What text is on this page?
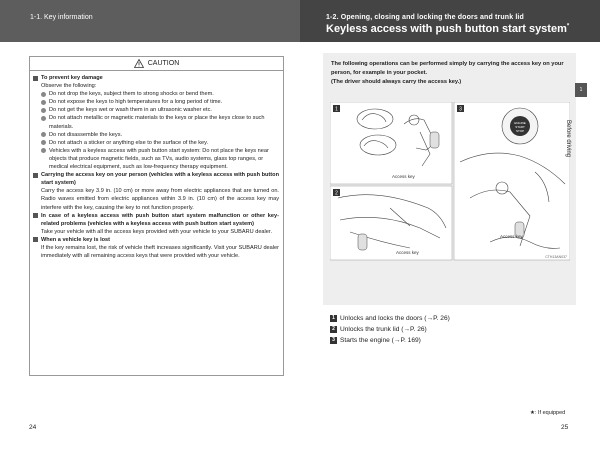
1-1. Key information	1-2. Opening, closing and locking the doors and trunk lid
Keyless access with push button start system*
CAUTION
To prevent key damage
Observe the following:
Do not drop the keys, subject them to strong shocks or bend them.
Do not expose the keys to high temperatures for a long period of time.
Do not get the keys wet or wash them in an ultrasonic washer etc.
Do not attach metallic or magnetic materials to the keys or place the keys close to such materials.
Do not disassemble the keys.
Do not attach a sticker or anything else to the surface of the key.
Vehicles with a keyless access with push button start system: Do not place the keys near objects that produce magnetic fields, such as TVs, audio systems, glass top ranges, or medical electrical equipment, such as low-frequency therapy equipment.
Carrying the access key on your person (vehicles with a keyless access with push button start system)
Carry the access key 3.9 in. (10 cm) or more away from electric appliances that are turned on. Radio waves emitted from electric appliances within 3.9 in. (10 cm) of the access key may interfere with the key, causing the key to not function properly.
In case of a keyless access with push button start system malfunction or other key-related problems (vehicles with a keyless access with push button start system)
Take your vehicle with all the access keys provided with your vehicle to your SUBARU dealer.
When a vehicle key is lost
If the key remains lost, the risk of vehicle theft increases significantly. Visit your SUBARU dealer immediately with all remaining access keys that were provided with your vehicle.
The following operations can be performed simply by carrying the access key on your person, for example in your pocket.
(The driver should always carry the access key.)
ENGINE
START
STOP
1
2
3
Access key
Access key
Access key
CTH13AN037
1 Unlocks and locks the doors (→P. 26)
2 Unlocks the trunk lid (→P. 26)
3 Starts the engine (→P. 169)
1
Before driving
★: If equipped
24	25
